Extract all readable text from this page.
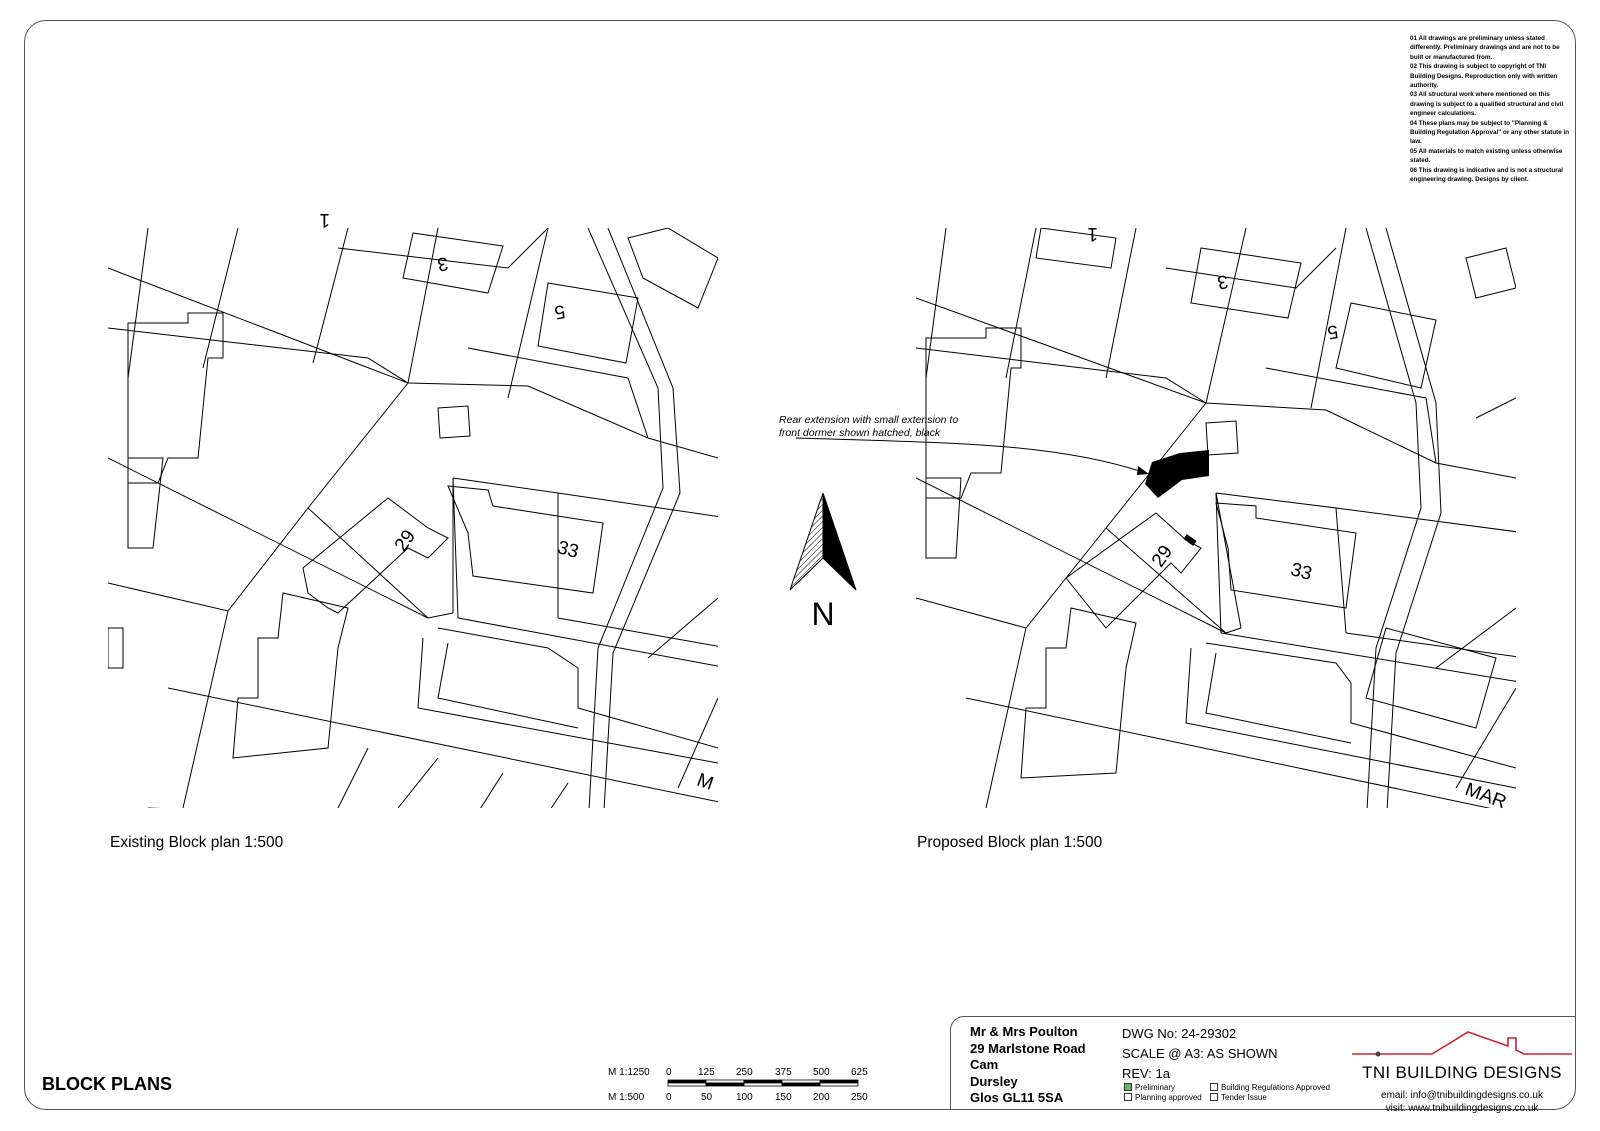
01 All drawings are preliminary unless stated differently. Preliminary drawings and are not to be built or manufactured from.
02 This drawing is subject to copyright of TNI Building Designs. Reproduction only with written authority.
03 All structural work where mentioned on this drawing is subject to a qualified structural and civil engineer calculations.
04 These plans may be subject to "Planning & Building Regulation Approval" or any other statute in law.
05 All materials to match existing unless otherwise stated.
06 This drawing is indicative and is not a structural engineering drawing. Designs by client.
1
3
5
29	33
M
Existing Block plan 1:500
N
1
3
5
29
33
MAR
Rear extension with small extension to
front dormer shown hatched, black
Proposed Block plan 1:500
BLOCK PLANS
M 1:1250
M 1:500
0	125 250 375 500 625
0	50 100 150 200 250
Mr & Mrs Poulton
29 Marlstone Road
Cam
Dursley
Glos GL11 5SA
DWG No: 24-29302
SCALE @ A3: AS SHOWN
REV: 1a
Preliminary
Planning approved
Building Regulations Approved
Tender Issue
TNI BUILDING DESIGNS
email: info@tnibuildingdesigns.co.uk
visit: www.tnibuildingdesigns.co.uk
